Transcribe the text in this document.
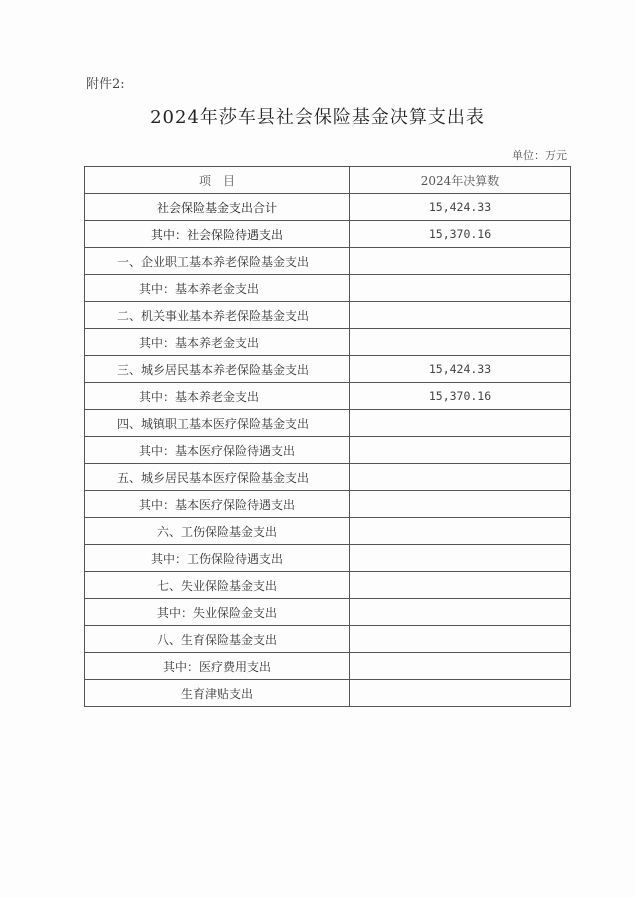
附件2:
2024年莎车县社会保险基金决算支出表
单位：万元
项　目	2024年决算数
社会保险基金支出合计	15,424.33
其中：社会保险待遇支出	15,370.16
一、企业职工基本养老保险基金支出	
其中：基本养老金支出	
二、机关事业基本养老保险基金支出	
其中：基本养老金支出	
三、城乡居民基本养老保险基金支出	15,424.33
其中：基本养老金支出	15,370.16
四、城镇职工基本医疗保险基金支出	
其中：基本医疗保险待遇支出	
五、城乡居民基本医疗保险基金支出	
其中：基本医疗保险待遇支出	
六、工伤保险基金支出	
其中：工伤保险待遇支出	
七、失业保险基金支出	
其中：失业保险金支出	
八、生育保险基金支出	
其中：医疗费用支出	
生育津贴支出	
